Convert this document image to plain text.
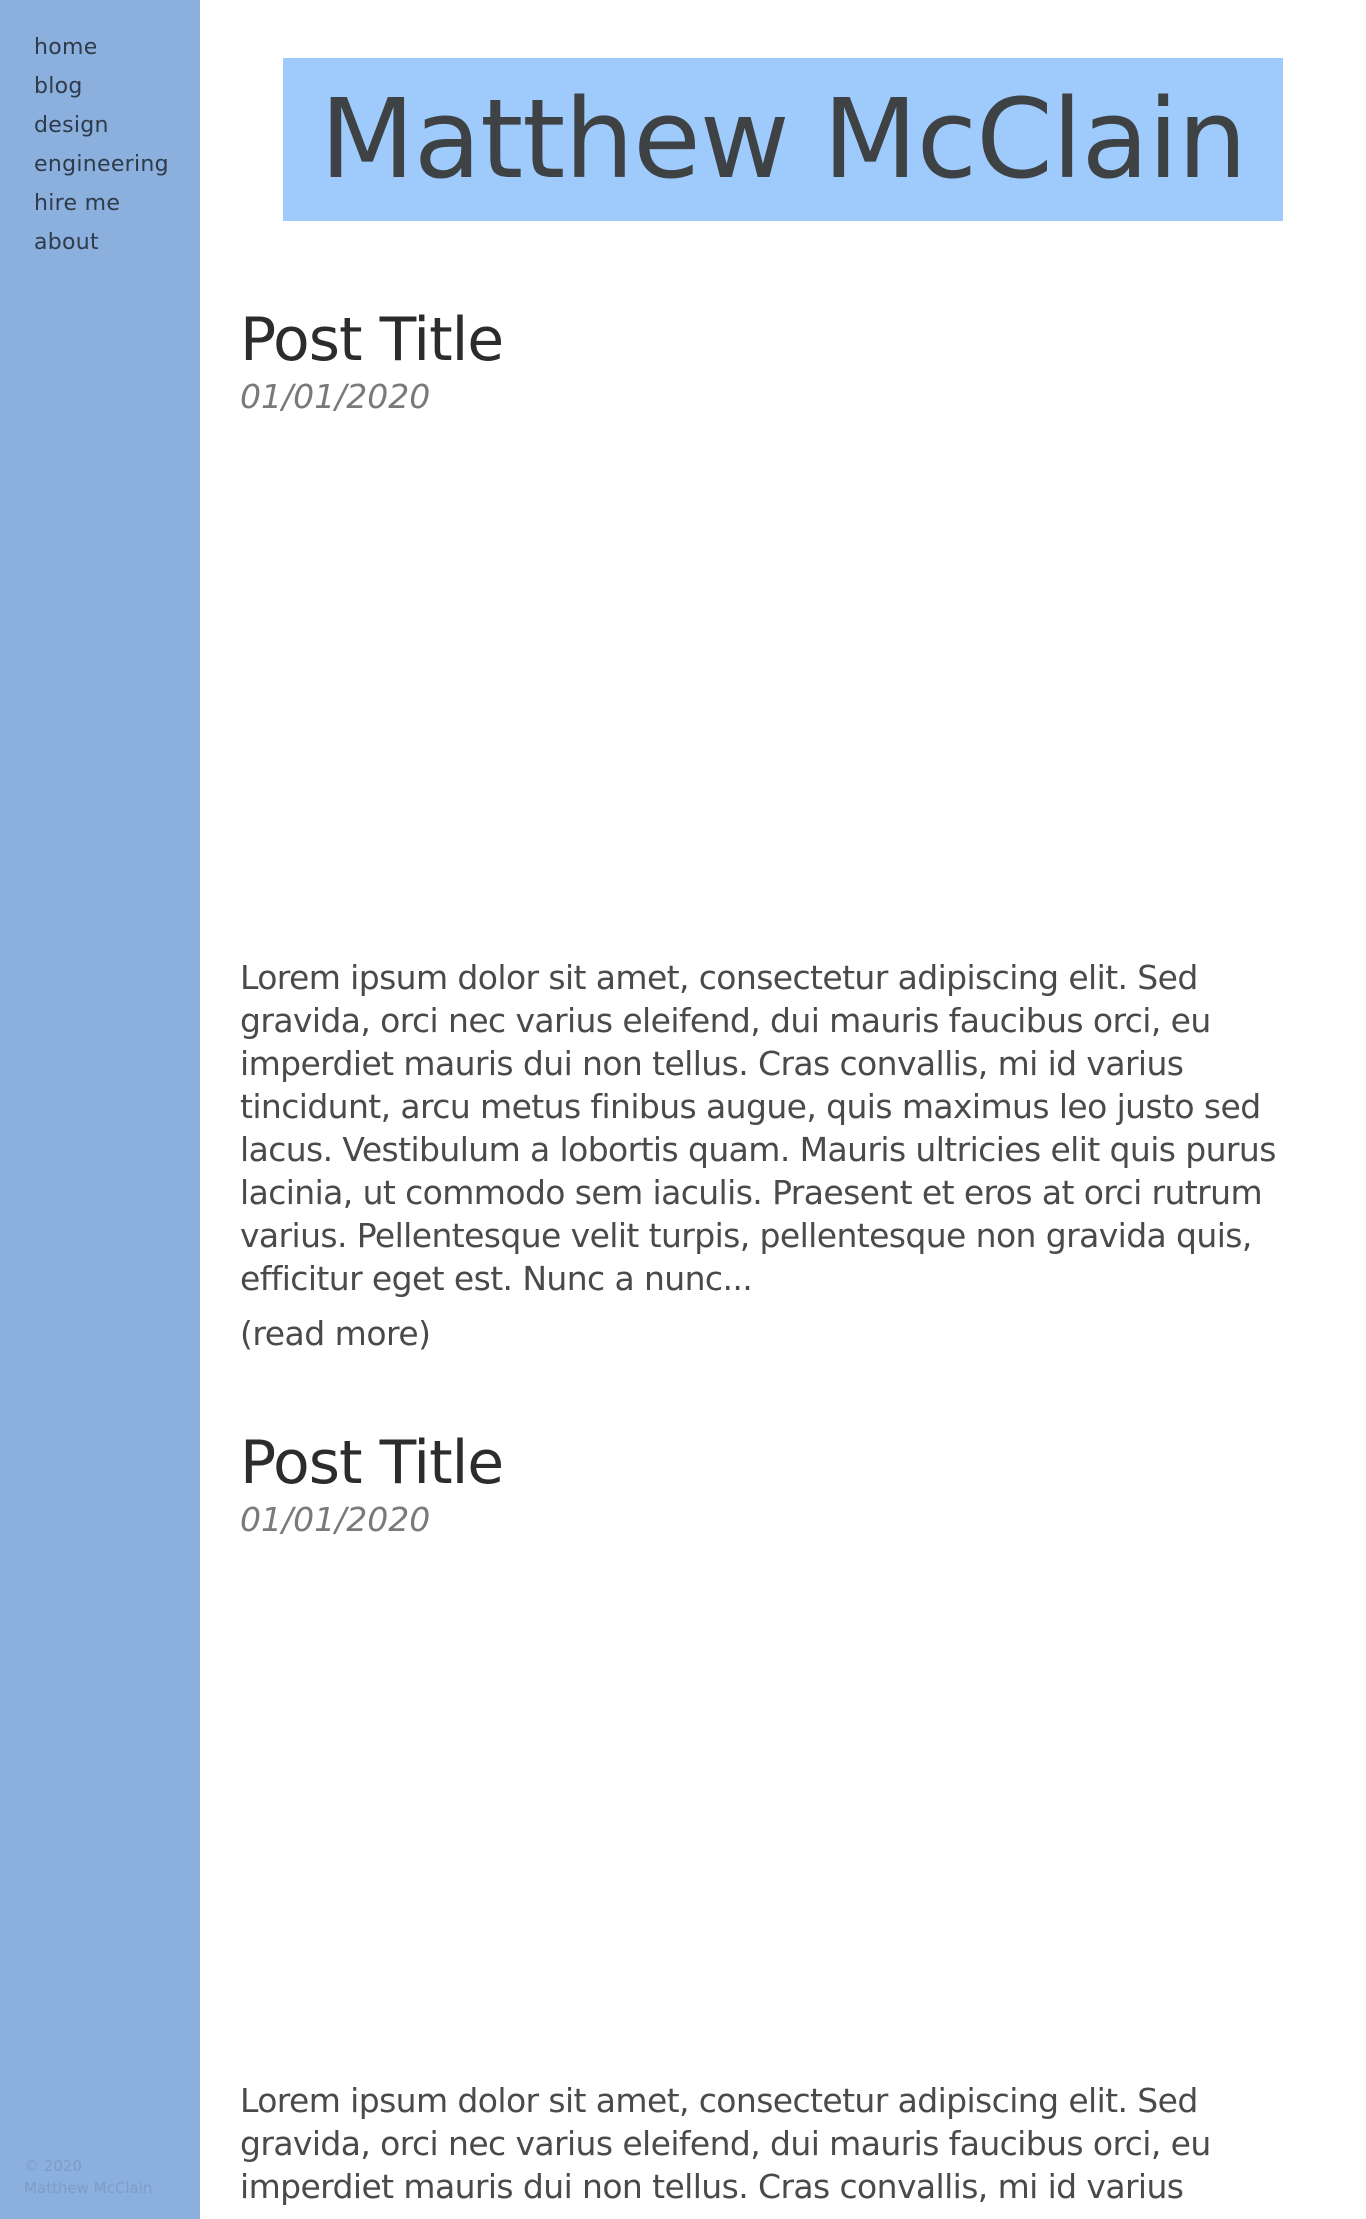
home
blog
design
engineering
hire me
about
© 2020
Matthew McClain
Matthew McClain
Post Title

01/01/2020

Lorem ipsum dolor sit amet, consectetur adipiscing elit. Sed gravida, orci nec varius eleifend, dui mauris faucibus orci, eu imperdiet mauris dui non tellus. Cras convallis, mi id varius tincidunt, arcu metus finibus augue, quis maximus leo justo sed lacus. Vestibulum a lobortis quam. Mauris ultricies elit quis purus lacinia, ut commodo sem iaculis. Praesent et eros at orci rutrum varius. Pellentesque velit turpis, pellentesque non gravida quis, efficitur eget est. Nunc a nunc...

(read more)
Post Title

01/01/2020

Lorem ipsum dolor sit amet, consectetur adipiscing elit. Sed gravida, orci nec varius eleifend, dui mauris faucibus orci, eu imperdiet mauris dui non tellus. Cras convallis, mi id varius
